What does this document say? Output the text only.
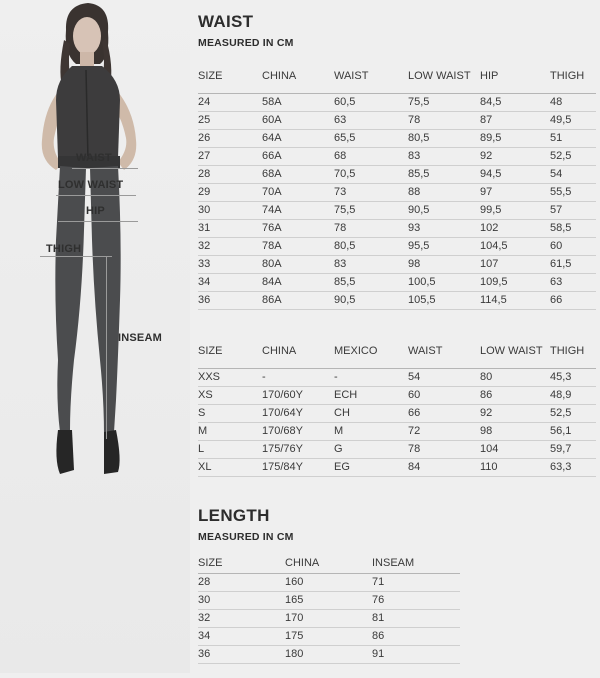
WAIST
LOW WAIST
HIP
THIGH
INSEAM
WAIST
MEASURED IN CM
SIZE	CHINA	WAIST	LOW WAIST	HIP	THIGH
24	58A	60,5	75,5	84,5	48
25	60A	63	78	87	49,5
26	64A	65,5	80,5	89,5	51
27	66A	68	83	92	52,5
28	68A	70,5	85,5	94,5	54
29	70A	73	88	97	55,5
30	74A	75,5	90,5	99,5	57
31	76A	78	93	102	58,5
32	78A	80,5	95,5	104,5	60
33	80A	83	98	107	61,5
34	84A	85,5	100,5	109,5	63
36	86A	90,5	105,5	114,5	66
SIZE	CHINA	MEXICO	WAIST	LOW WAIST	THIGH
XXS	-	-	54	80	45,3
XS	170/60Y	ECH	60	86	48,9
S	170/64Y	CH	66	92	52,5
M	170/68Y	M	72	98	56,1
L	175/76Y	G	78	104	59,7
XL	175/84Y	EG	84	110	63,3
LENGTH
MEASURED IN CM
SIZE	CHINA	INSEAM
28	160	71
30	165	76
32	170	81
34	175	86
36	180	91
